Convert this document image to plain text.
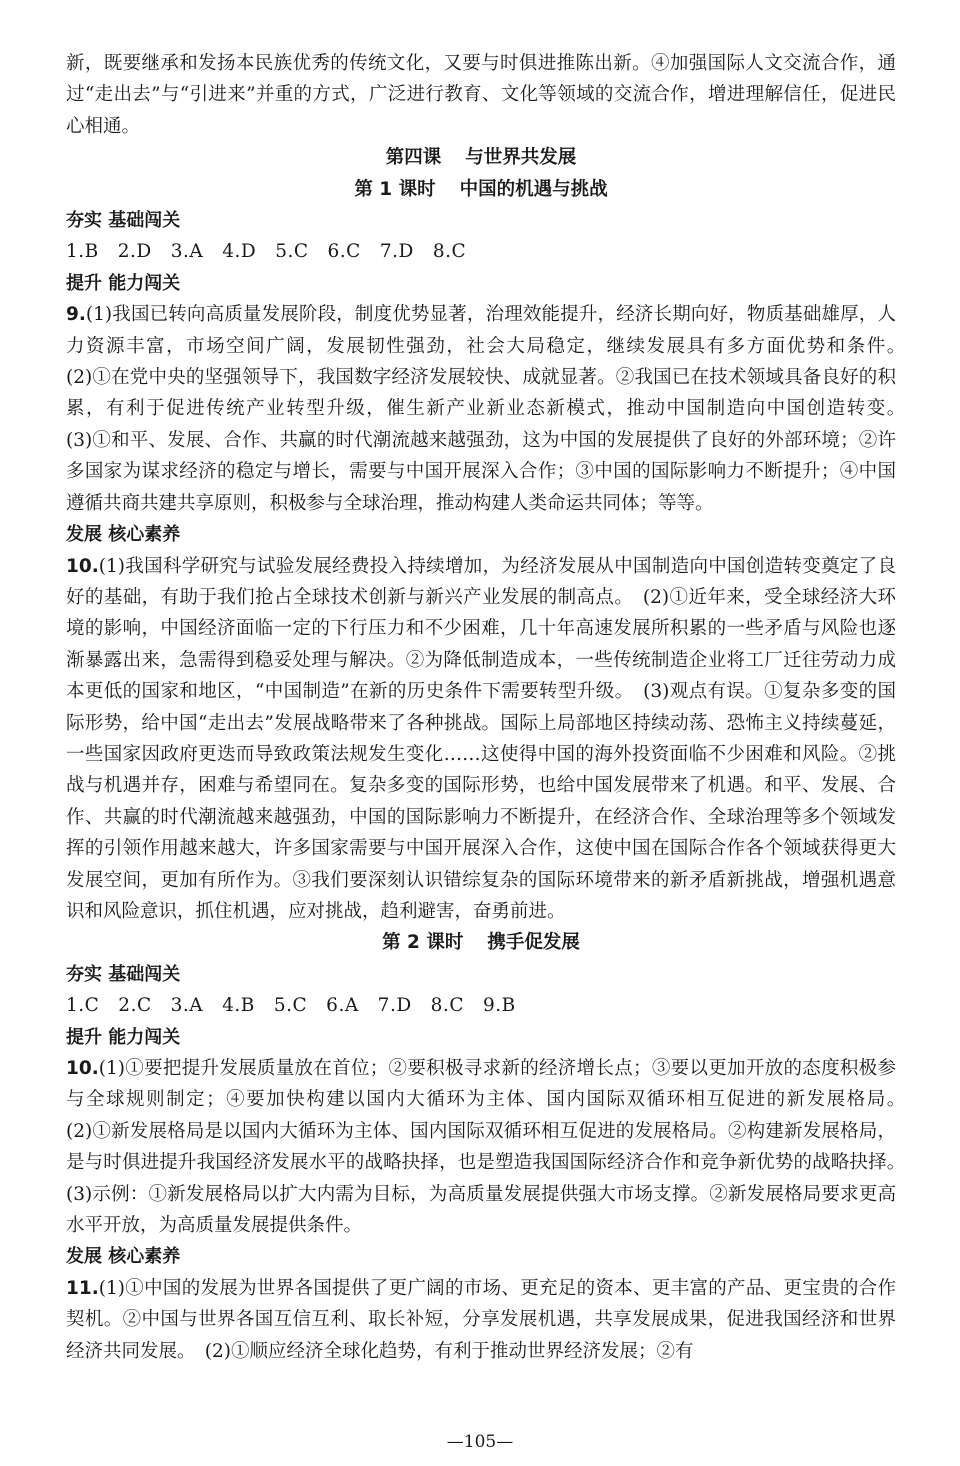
新，既要继承和发扬本民族优秀的传统文化，又要与时俱进推陈出新。④加强国际人文交流合作，通过“走出去”与“引进来”并重的方式，广泛进行教育、文化等领域的交流合作，增进理解信任，促进民心相通。

第四课 与世界共发展
第 1 课时 中国的机遇与挑战
夯实 基础闯关

1.B　2.D　3.A　4.D　5.C　6.C　7.D　8.C

提升 能力闯关

9.(1)我国已转向高质量发展阶段，制度优势显著，治理效能提升，经济长期向好，物质基础雄厚，人力资源丰富，市场空间广阔，发展韧性强劲，社会大局稳定，继续发展具有多方面优势和条件。　(2)①在党中央的坚强领导下，我国数字经济发展较快、成就显著。②我国已在技术领域具备良好的积累，有利于促进传统产业转型升级，催生新产业新业态新模式，推动中国制造向中国创造转变。　(3)①和平、发展、合作、共赢的时代潮流越来越强劲，这为中国的发展提供了良好的外部环境；②许多国家为谋求经济的稳定与增长，需要与中国开展深入合作；③中国的国际影响力不断提升；④中国遵循共商共建共享原则，积极参与全球治理，推动构建人类命运共同体；等等。

发展 核心素养

10.(1)我国科学研究与试验发展经费投入持续增加，为经济发展从中国制造向中国创造转变奠定了良好的基础，有助于我们抢占全球技术创新与新兴产业发展的制高点。　(2)①近年来，受全球经济大环境的影响，中国经济面临一定的下行压力和不少困难，几十年高速发展所积累的一些矛盾与风险也逐渐暴露出来，急需得到稳妥处理与解决。②为降低制造成本，一些传统制造企业将工厂迁往劳动力成本更低的国家和地区，“中国制造”在新的历史条件下需要转型升级。　(3)观点有误。①复杂多变的国际形势，给中国“走出去”发展战略带来了各种挑战。国际上局部地区持续动荡、恐怖主义持续蔓延，一些国家因政府更迭而导致政策法规发生变化……这使得中国的海外投资面临不少困难和风险。②挑战与机遇并存，困难与希望同在。复杂多变的国际形势，也给中国发展带来了机遇。和平、发展、合作、共赢的时代潮流越来越强劲，中国的国际影响力不断提升，在经济合作、全球治理等多个领域发挥的引领作用越来越大，许多国家需要与中国开展深入合作，这使中国在国际合作各个领域获得更大发展空间，更加有所作为。③我们要深刻认识错综复杂的国际环境带来的新矛盾新挑战，增强机遇意识和风险意识，抓住机遇，应对挑战，趋利避害，奋勇前进。

第 2 课时 携手促发展
夯实 基础闯关

1.C　2.C　3.A　4.B　5.C　6.A　7.D　8.C　9.B

提升 能力闯关

10.(1)①要把提升发展质量放在首位；②要积极寻求新的经济增长点；③要以更加开放的态度积极参与全球规则制定；④要加快构建以国内大循环为主体、国内国际双循环相互促进的新发展格局。　(2)①新发展格局是以国内大循环为主体、国内国际双循环相互促进的发展格局。②构建新发展格局，是与时俱进提升我国经济发展水平的战略抉择，也是塑造我国国际经济合作和竞争新优势的战略抉择。　(3)示例：①新发展格局以扩大内需为目标，为高质量发展提供强大市场支撑。②新发展格局要求更高水平开放，为高质量发展提供条件。

发展 核心素养

11.(1)①中国的发展为世界各国提供了更广阔的市场、更充足的资本、更丰富的产品、更宝贵的合作契机。②中国与世界各国互信互利、取长补短，分享发展机遇，共享发展成果，促进我国经济和世界经济共同发展。　(2)①顺应经济全球化趋势，有利于推动世界经济发展；②有

—105—
